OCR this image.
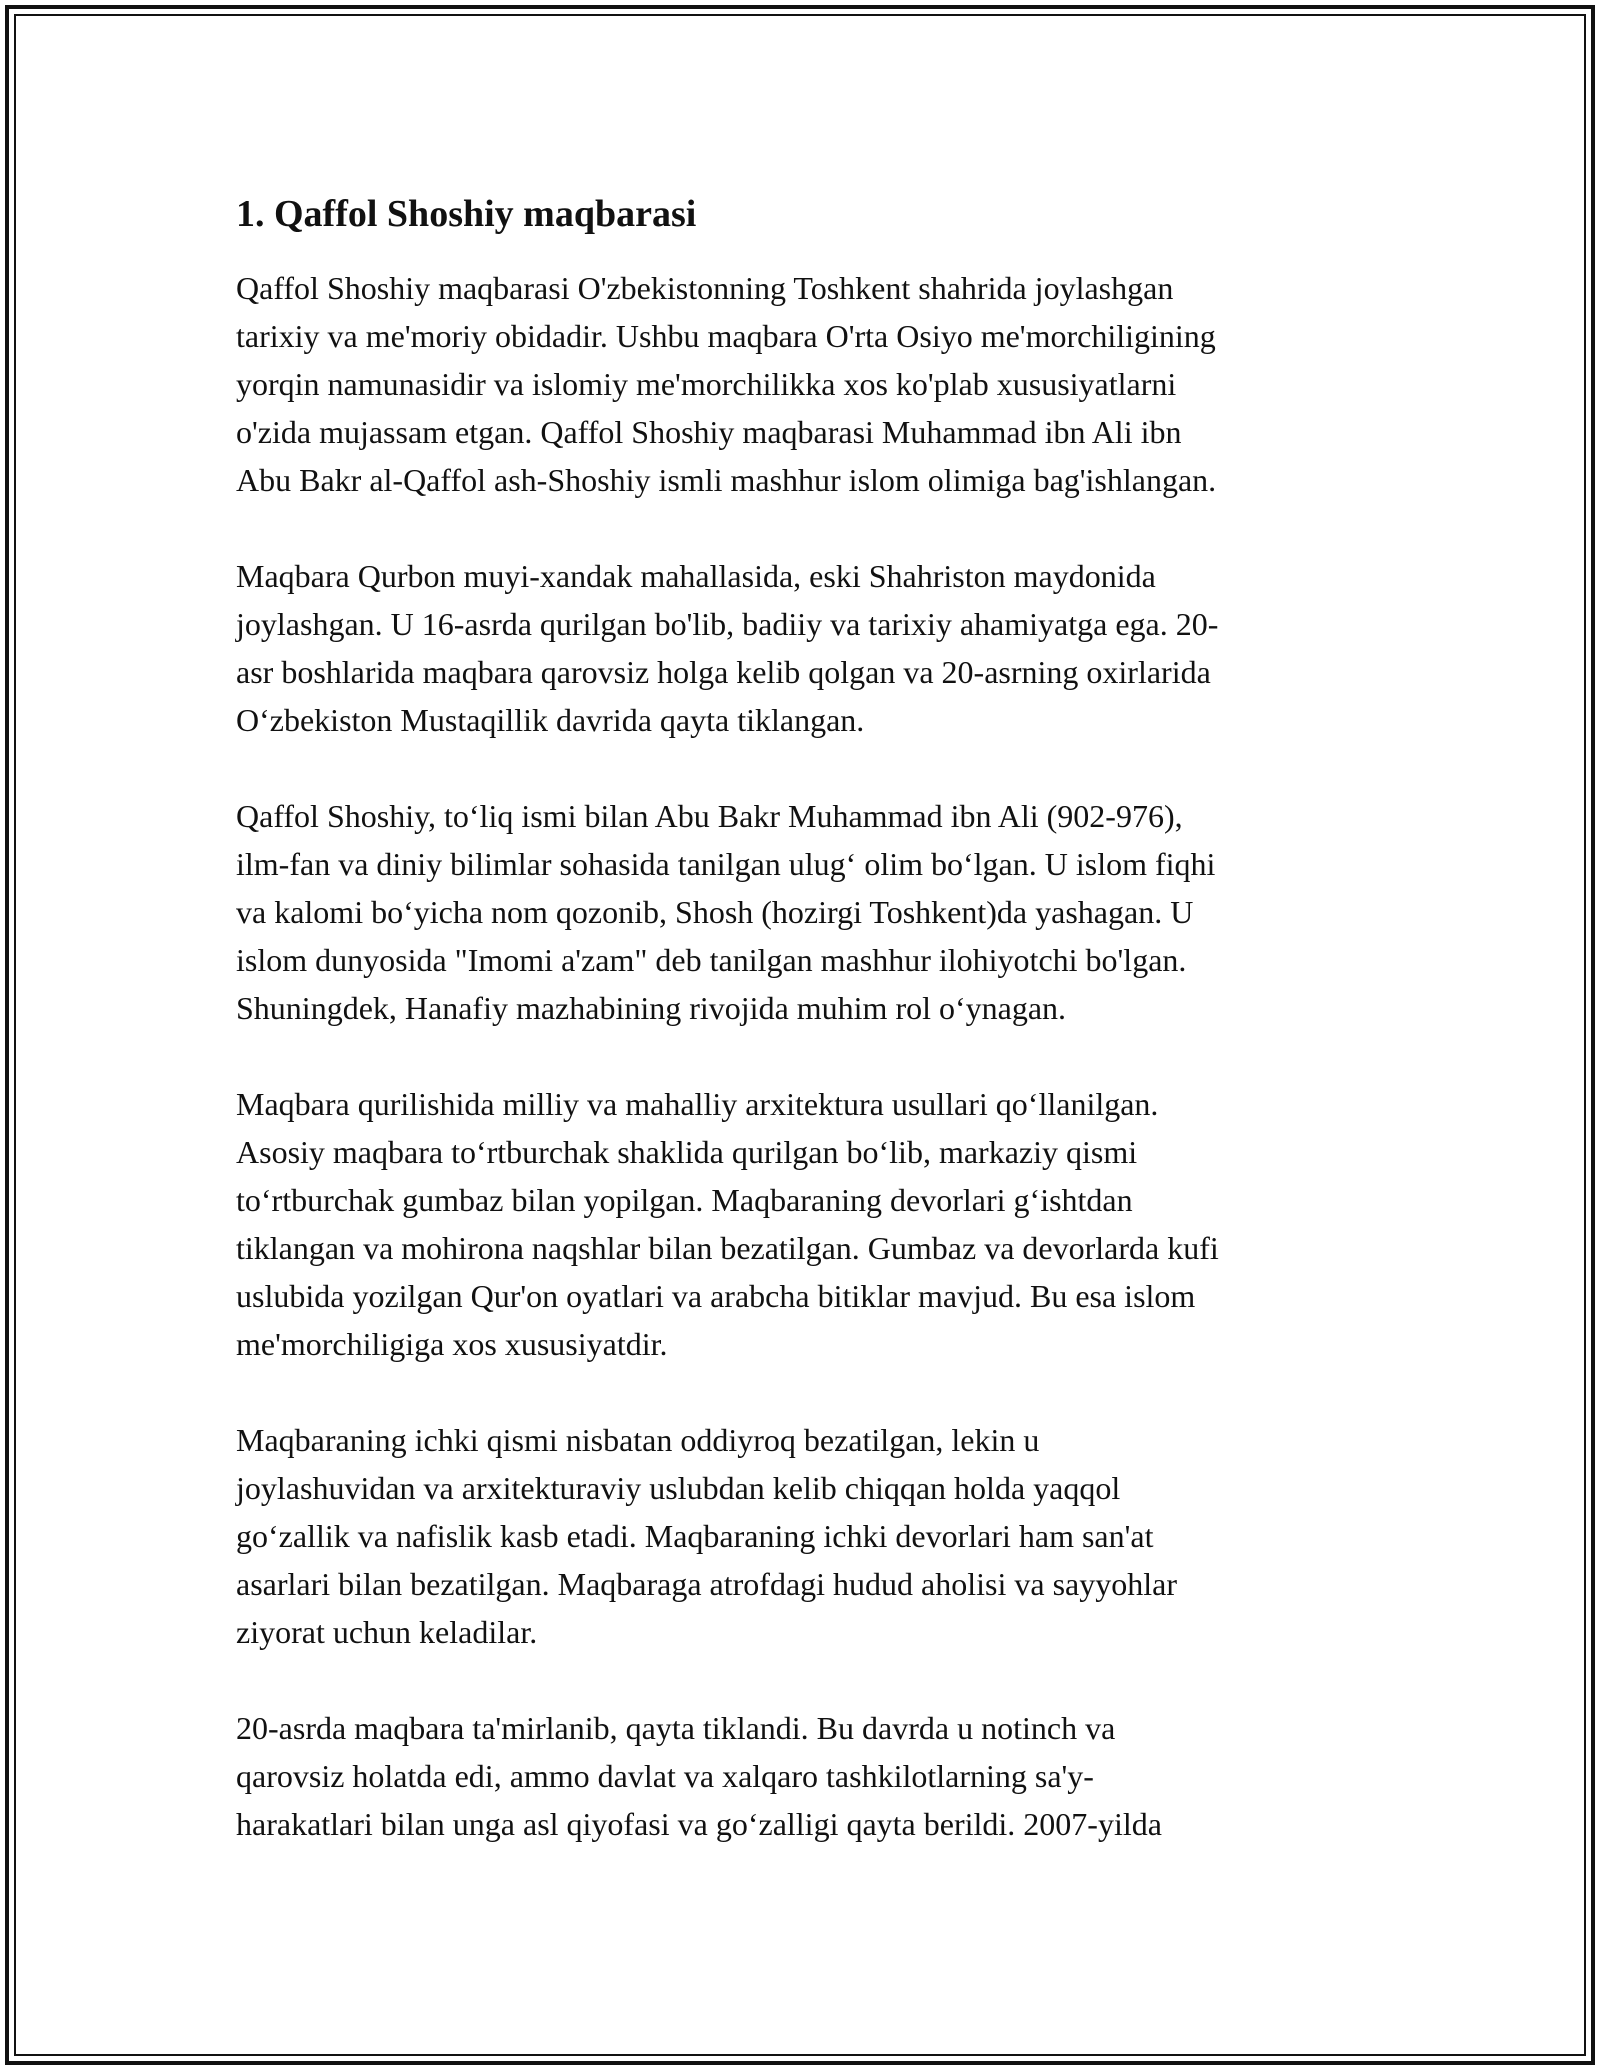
1. Qaffol Shoshiy maqbarasi
Qaffol Shoshiy maqbarasi O'zbekistonning Toshkent shahrida joylashgan
tarixiy va me'moriy obidadir. Ushbu maqbara O'rta Osiyo me'morchiligining
yorqin namunasidir va islomiy me'morchilikka xos ko'plab xususiyatlarni
o'zida mujassam etgan. Qaffol Shoshiy maqbarasi Muhammad ibn Ali ibn
Abu Bakr al-Qaffol ash-Shoshiy ismli mashhur islom olimiga bag'ishlangan.
Maqbara Qurbon muyi-xandak mahallasida, eski Shahriston maydonida
joylashgan. U 16-asrda qurilgan bo'lib, badiiy va tarixiy ahamiyatga ega. 20-
asr boshlarida maqbara qarovsiz holga kelib qolgan va 20-asrning oxirlarida
O‘zbekiston Mustaqillik davrida qayta tiklangan.
Qaffol Shoshiy, to‘liq ismi bilan Abu Bakr Muhammad ibn Ali (902-976),
ilm-fan va diniy bilimlar sohasida tanilgan ulug‘ olim bo‘lgan. U islom fiqhi
va kalomi bo‘yicha nom qozonib, Shosh (hozirgi Toshkent)da yashagan. U
islom dunyosida "Imomi a'zam" deb tanilgan mashhur ilohiyotchi bo'lgan.
Shuningdek, Hanafiy mazhabining rivojida muhim rol o‘ynagan.
Maqbara qurilishida milliy va mahalliy arxitektura usullari qo‘llanilgan.
Asosiy maqbara to‘rtburchak shaklida qurilgan bo‘lib, markaziy qismi
to‘rtburchak gumbaz bilan yopilgan. Maqbaraning devorlari g‘ishtdan
tiklangan va mohirona naqshlar bilan bezatilgan. Gumbaz va devorlarda kufi
uslubida yozilgan Qur'on oyatlari va arabcha bitiklar mavjud. Bu esa islom
me'morchiligiga xos xususiyatdir.
Maqbaraning ichki qismi nisbatan oddiyroq bezatilgan, lekin u
joylashuvidan va arxitekturaviy uslubdan kelib chiqqan holda yaqqol
go‘zallik va nafislik kasb etadi. Maqbaraning ichki devorlari ham san'at
asarlari bilan bezatilgan. Maqbaraga atrofdagi hudud aholisi va sayyohlar
ziyorat uchun keladilar.
20-asrda maqbara ta'mirlanib, qayta tiklandi. Bu davrda u notinch va
qarovsiz holatda edi, ammo davlat va xalqaro tashkilotlarning sa'y-
harakatlari bilan unga asl qiyofasi va go‘zalligi qayta berildi. 2007-yilda
